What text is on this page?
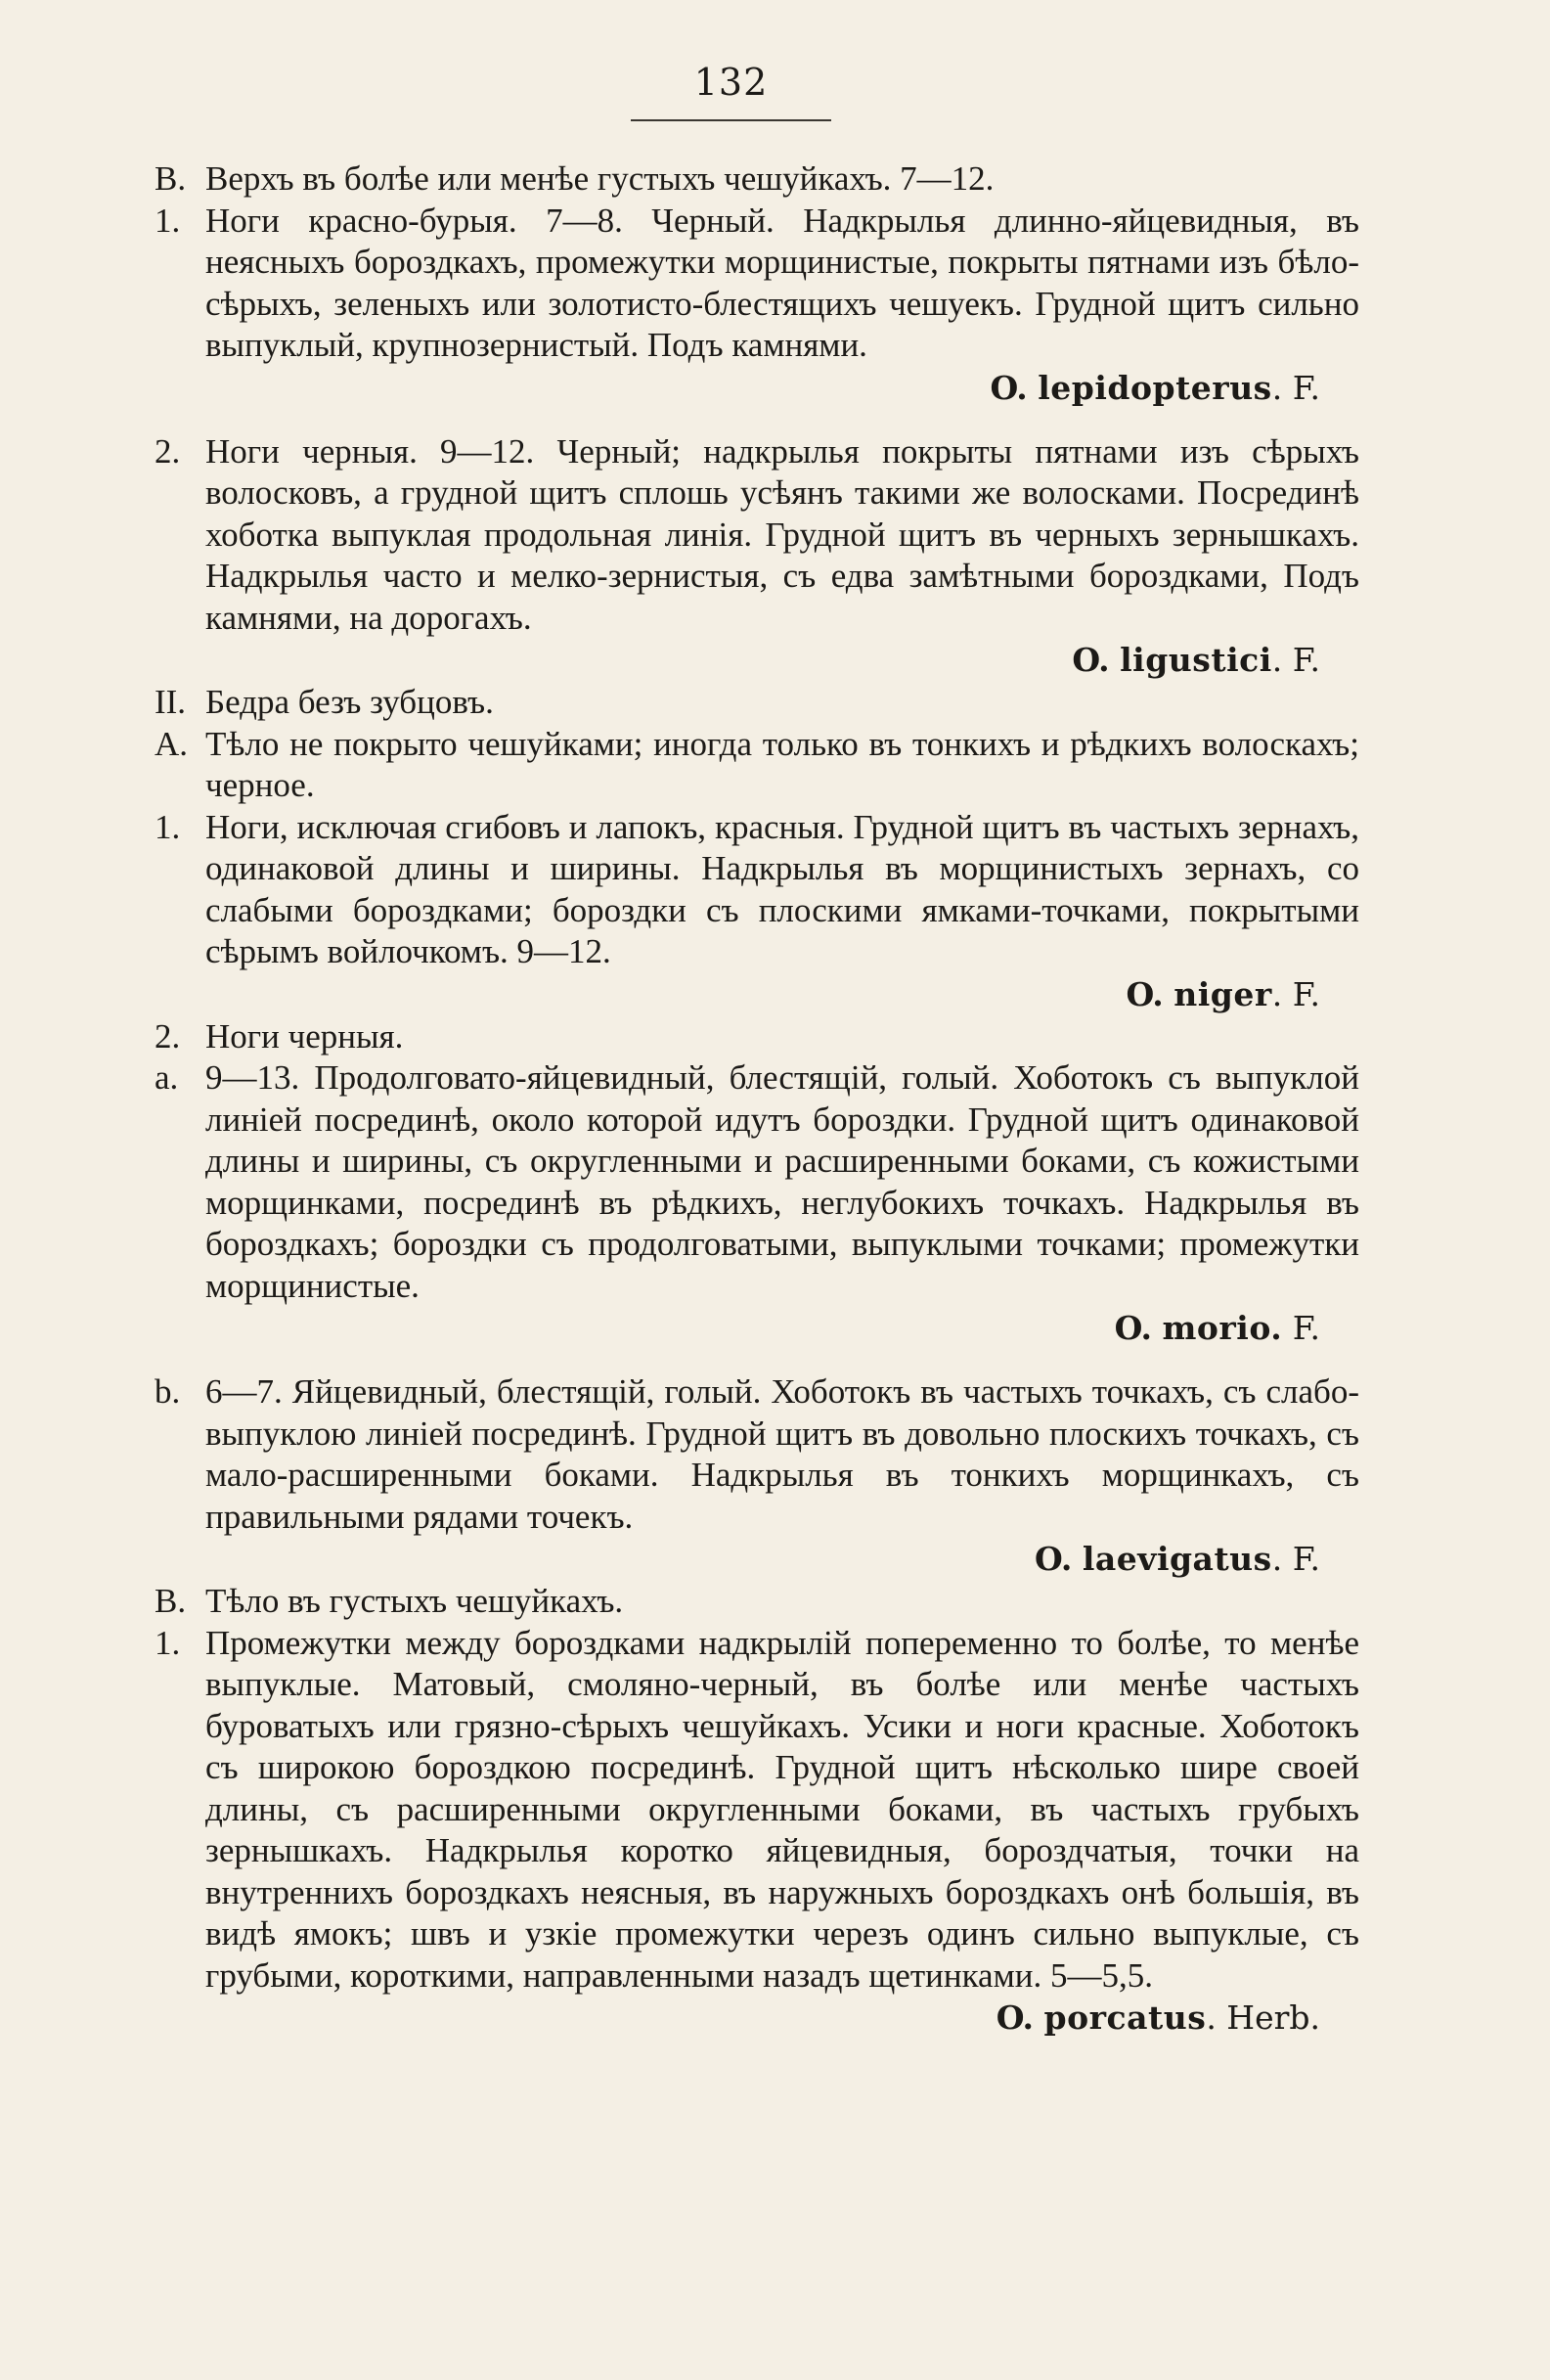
132
B. Верхъ въ болѣе или менѣе густыхъ чешуйкахъ. 7—12.
1. Ноги красно-бурыя. 7—8. Черный. Надкрылья длинно-яйцевидныя, въ неясныхъ бороздкахъ, промежутки морщинистые, покрыты пятнами изъ бѣло-сѣрыхъ, зеленыхъ или золотисто-блестящихъ чешуекъ. Грудной щитъ сильно выпуклый, крупнозернистый. Подъ камнями.
O. lepidopterus. F.
2. Ноги черныя. 9—12. Черный; надкрылья покрыты пятнами изъ сѣрыхъ волосковъ, а грудной щитъ сплошь усѣянъ такими же волосками. Посрединѣ хоботка выпуклая продольная линія. Грудной щитъ въ черныхъ зернышкахъ. Надкрылья часто и мелко-зернистыя, съ едва замѣтными бороздками, Подъ камнями, на дорогахъ.
O. ligustici. F.
II. Бедра безъ зубцовъ.
A. Тѣло не покрыто чешуйками; иногда только въ тонкихъ и рѣдкихъ волоскахъ; черное.
1. Ноги, исключая сгибовъ и лапокъ, красныя. Грудной щитъ въ частыхъ зернахъ, одинаковой длины и ширины. Надкрылья въ морщинистыхъ зернахъ, со слабыми бороздками; бороздки съ плоскими ямками-точками, покрытыми сѣрымъ войлочкомъ. 9—12.
O. niger. F.
2. Ноги черныя.
a. 9—13. Продолговато-яйцевидный, блестящій, голый. Хоботокъ съ выпуклой линіей посрединѣ, около которой идутъ бороздки. Грудной щитъ одинаковой длины и ширины, съ округленными и расширенными боками, съ кожистыми морщинками, посрединѣ въ рѣдкихъ, неглубокихъ точкахъ. Надкрылья въ бороздкахъ; бороздки съ продолговатыми, выпуклыми точками; промежутки морщинистые.
O. morio. F.
b. 6—7. Яйцевидный, блестящій, голый. Хоботокъ въ частыхъ точкахъ, съ слабо-выпуклою линіей посрединѣ. Грудной щитъ въ довольно плоскихъ точкахъ, съ мало-расширенными боками. Надкрылья въ тонкихъ морщинкахъ, съ правильными рядами точекъ.
O. laevigatus. F.
B. Тѣло въ густыхъ чешуйкахъ.
1. Промежутки между бороздками надкрылій попеременно то болѣе, то менѣе выпуклые. Матовый, смоляно-черный, въ болѣе или менѣе частыхъ буроватыхъ или грязно-сѣрыхъ чешуйкахъ. Усики и ноги красные. Хоботокъ съ широкою бороздкою посрединѣ. Грудной щитъ нѣсколько шире своей длины, съ расширенными округленными боками, въ частыхъ грубыхъ зернышкахъ. Надкрылья коротко яйцевидныя, бороздчатыя, точки на внутреннихъ бороздкахъ неясныя, въ наружныхъ бороздкахъ онѣ большія, въ видѣ ямокъ; швъ и узкіе промежутки черезъ одинъ сильно выпуклые, съ грубыми, короткими, направленными назадъ щетинками. 5—5,5.
O. porcatus. Herb.
